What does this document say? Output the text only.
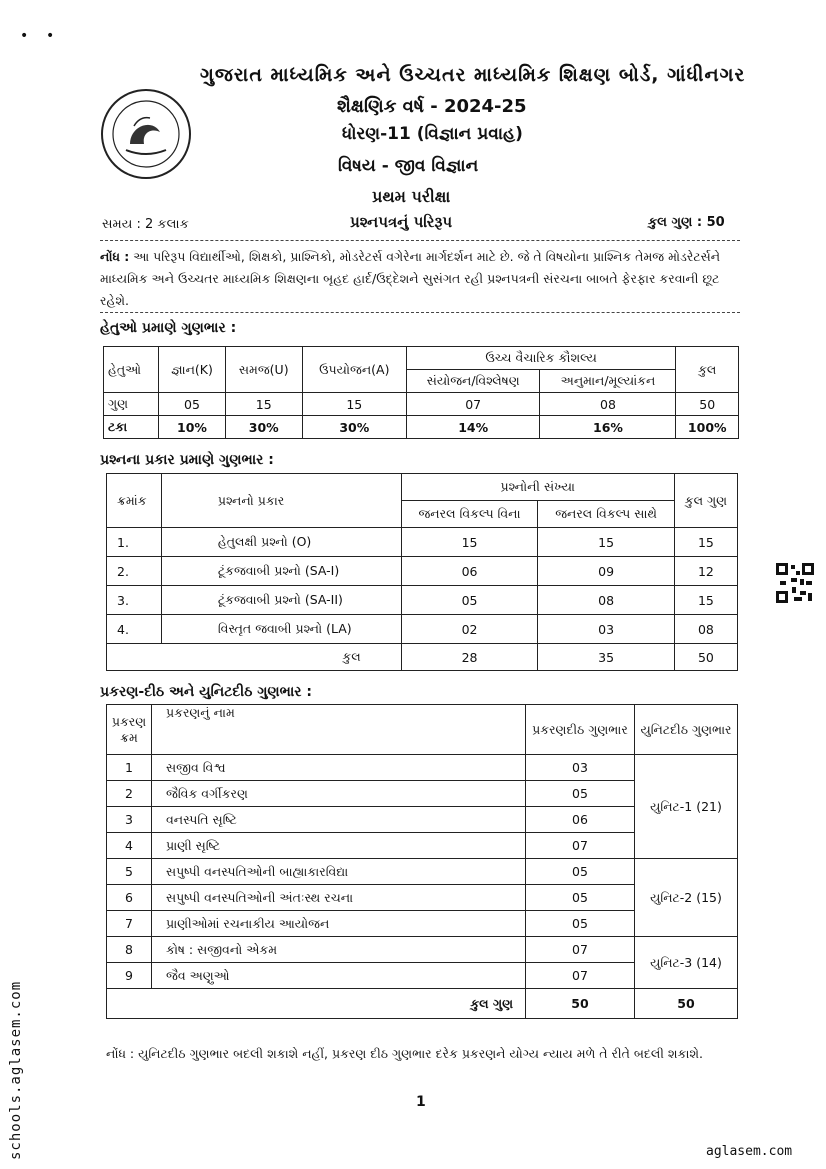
•    •
ગુજરાત માધ્યમિક અને ઉચ્ચતર માધ્યમિક શિક્ષણ બોર્ડ, ગાંધીનગર
શૈક્ષણિક વર્ષ - 2024-25
ધોરણ-11 (વિજ્ઞાન પ્રવાહ)
વિષય - જીવ વિજ્ઞાન
પ્રથમ પરીક્ષા
પ્રશ્નપત્રનું પરિરૂપ
સમય : 2 કલાક	કુલ ગુણ : 50
નોંધ : આ પરિરૂપ વિદ્યાર્થીઓ, શિક્ષકો, પ્રાશ્નિકો, મોડરેટર્સ વગેરેના માર્ગદર્શન માટે છે. જે તે વિષયોના પ્રાશ્નિક તેમજ મોડરેટર્સને માધ્યમિક અને ઉચ્ચતર માધ્યમિક શિક્ષણના બૃહદ હાર્દ/ઉદ્દેશને સુસંગત રહી પ્રશ્નપત્રની સંરચના બાબતે ફેરફાર કરવાની છૂટ રહેશે.
હેતુઓ પ્રમાણે ગુણભાર :
હેતુઓ	જ્ઞાન(K)	સમજ(U)	ઉપયોજન(A)	ઉચ્ચ વૈચારિક કૌશલ્ય		કુલ
				સંયોજન/વિશ્લેષણ	અનુમાન/મૂલ્યાંકન	
ગુણ	05	15	15	07	08	50
ટકા	10%	30%	30%	14%	16%	100%
પ્રશ્નના પ્રકાર પ્રમાણે ગુણભાર :
ક્રમાંક	પ્રશ્નનો પ્રકાર	પ્રશ્નોની સંખ્યા		કુલ ગુણ
		જનરલ વિકલ્પ વિના	જનરલ વિકલ્પ સાથે	
1.	હેતુલક્ષી પ્રશ્નો (O)	15	15	15
2.	ટૂંકજવાબી પ્રશ્નો (SA-I)	06	09	12
3.	ટૂંકજવાબી પ્રશ્નો (SA-II)	05	08	15
4.	વિસ્તૃત જવાબી પ્રશ્નો (LA)	02	03	08
કુલ		28	35	50
પ્રકરણ-દીઠ અને યુનિટદીઠ ગુણભાર :
પ્રકરણ ક્રમ	પ્રકરણનું નામ	પ્રકરણદીઠ ગુણભાર	યુનિટદીઠ ગુણભાર
1	સજીવ વિશ્વ	03	યુનિટ-1 (21)
2	જૈવિક વર્ગીકરણ	05	
3	વનસ્પતિ સૃષ્ટિ	06	
4	પ્રાણી સૃષ્ટિ	07	
5	સપુષ્પી વનસ્પતિઓની બાહ્યાકારવિદ્યા	05	યુનિટ-2 (15)
6	સપુષ્પી વનસ્પતિઓની અંતઃસ્થ રચના	05	
7	પ્રાણીઓમાં રચનાકીય આયોજન	05	
8	કોષ : સજીવનો એકમ	07	યુનિટ-3 (14)
9	જૈવ અણુઓ	07	
કુલ ગુણ		50	50
નોંધ : યુનિટદીઠ ગુણભાર બદલી શકાશે નહીં, પ્રકરણ દીઠ ગુણભાર દરેક પ્રકરણને યોગ્ય ન્યાય મળે તે રીતે બદલી શકાશે.
1
schools.aglasem.com	aglasem.com
